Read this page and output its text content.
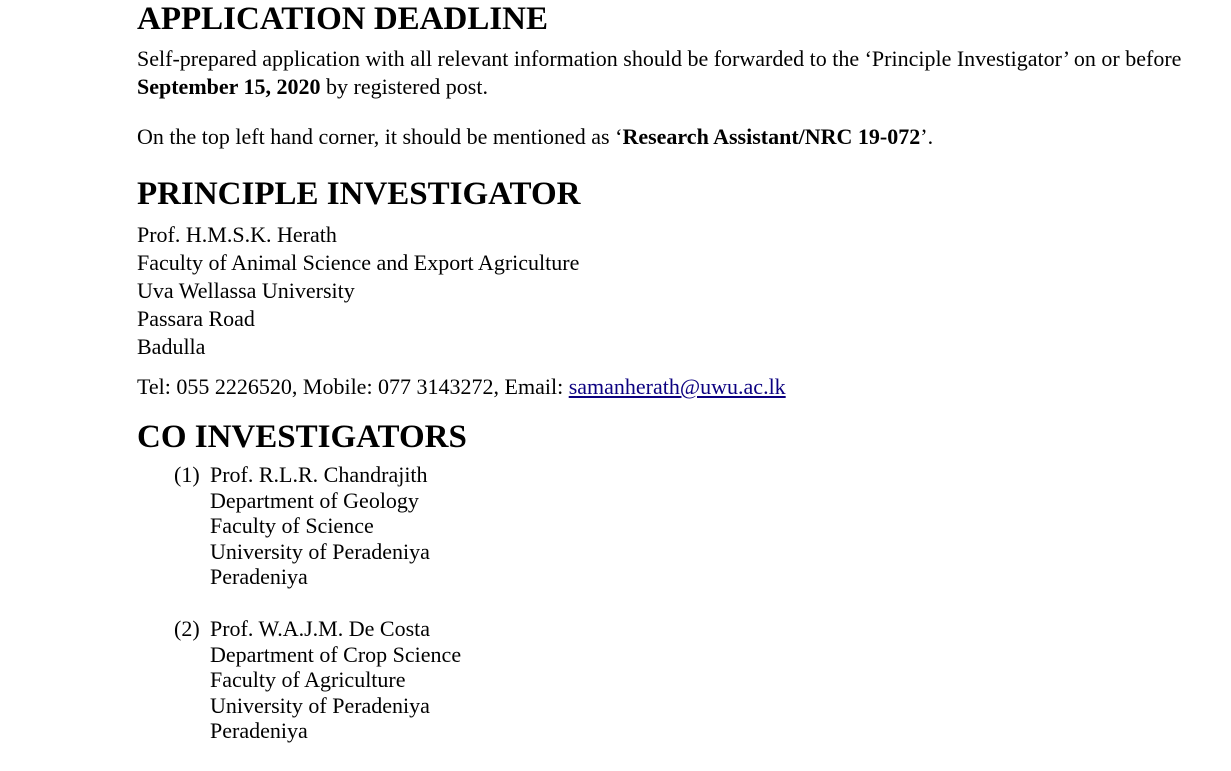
APPLICATION DEADLINE

Self-prepared application with all relevant information should be forwarded to the ‘Principle Investigator’ on or before September 15, 2020 by registered post.

On the top left hand corner, it should be mentioned as ‘Research Assistant/NRC 19-072’.

PRINCIPLE INVESTIGATOR
Prof. H.M.S.K. Herath
Faculty of Animal Science and Export Agriculture
Uva Wellassa University
Passara Road
Badulla

Tel: 055 2226520, Mobile: 077 3143272, Email: samanherath@uwu.ac.lk

CO INVESTIGATORS
(1) Prof. R.L.R. Chandrajith
Department of Geology
Faculty of Science
University of Peradeniya
Peradeniya
(2) Prof. W.A.J.M. De Costa
Department of Crop Science
Faculty of Agriculture
University of Peradeniya
Peradeniya
